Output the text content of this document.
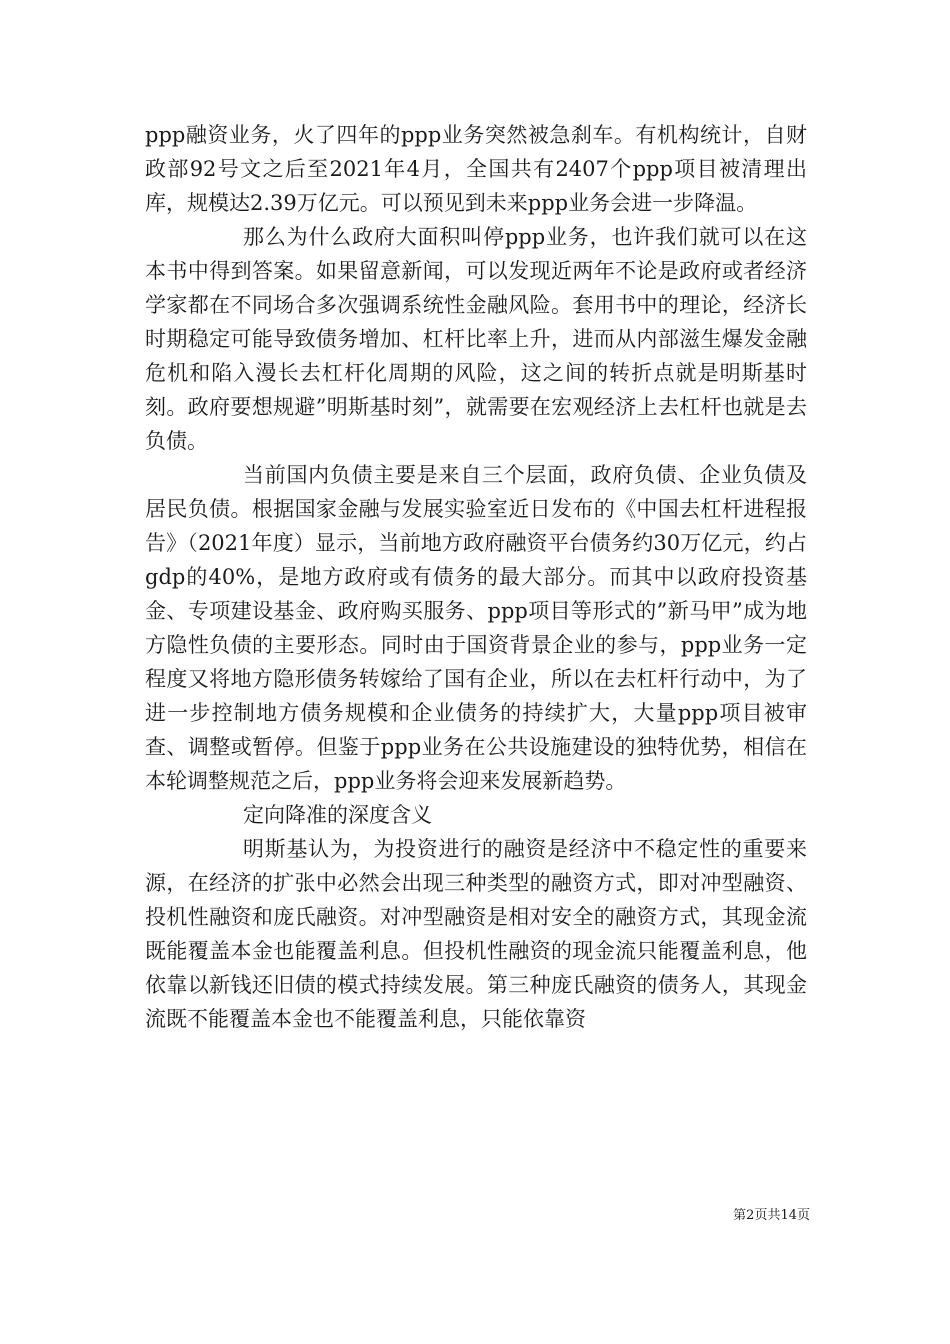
ppp融资业务，火了四年的ppp业务突然被急刹车。有机构统计，自财政部92号文之后至2021年4月，全国共有2407个ppp项目被清理出库，规模达2.39万亿元。可以预见到未来ppp业务会进一步降温。

那么为什么政府大面积叫停ppp业务，也许我们就可以在这本书中得到答案。如果留意新闻，可以发现近两年不论是政府或者经济学家都在不同场合多次强调系统性金融风险。套用书中的理论，经济长时期稳定可能导致债务增加、杠杆比率上升，进而从内部滋生爆发金融危机和陷入漫长去杠杆化周期的风险，这之间的转折点就是明斯基时刻。政府要想规避”明斯基时刻”，就需要在宏观经济上去杠杆也就是去负债。

当前国内负债主要是来自三个层面，政府负债、企业负债及居民负债。根据国家金融与发展实验室近日发布的《中国去杠杆进程报告》（2021年度）显示，当前地方政府融资平台债务约30万亿元，约占gdp的40%，是地方政府或有债务的最大部分。而其中以政府投资基金、专项建设基金、政府购买服务、ppp项目等形式的”新马甲”成为地方隐性负债的主要形态。同时由于国资背景企业的参与，ppp业务一定程度又将地方隐形债务转嫁给了国有企业，所以在去杠杆行动中，为了进一步控制地方债务规模和企业债务的持续扩大，大量ppp项目被审查、调整或暂停。但鉴于ppp业务在公共设施建设的独特优势，相信在本轮调整规范之后，ppp业务将会迎来发展新趋势。

定向降准的深度含义

明斯基认为，为投资进行的融资是经济中不稳定性的重要来源，在经济的扩张中必然会出现三种类型的融资方式，即对冲型融资、投机性融资和庞氏融资。对冲型融资是相对安全的融资方式，其现金流既能覆盖本金也能覆盖利息。但投机性融资的现金流只能覆盖利息，他依靠以新钱还旧债的模式持续发展。第三种庞氏融资的债务人，其现金流既不能覆盖本金也不能覆盖利息，只能依靠资

第2页共14页
